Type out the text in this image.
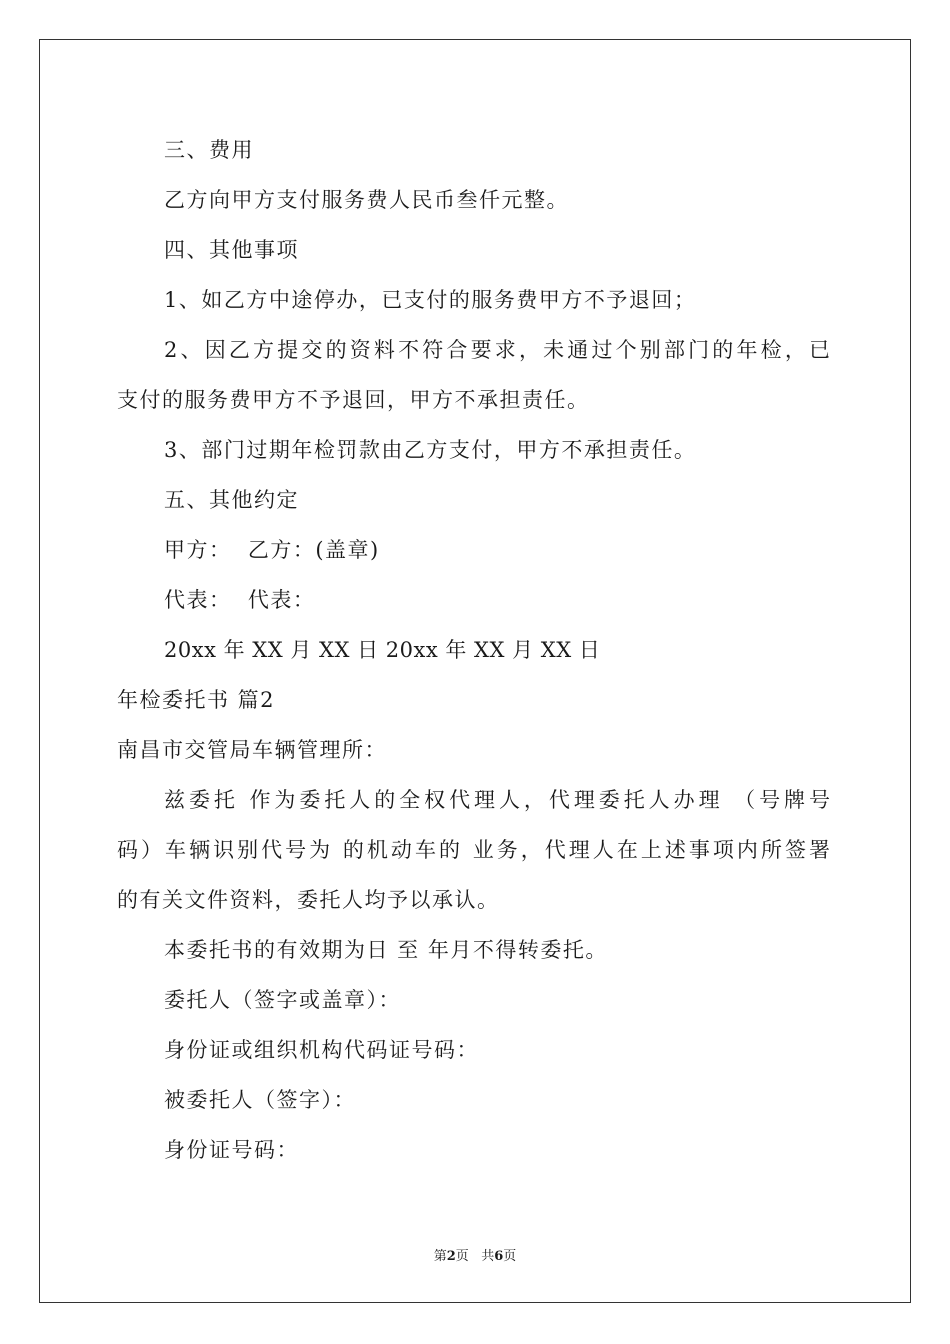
三、费用
乙方向甲方支付服务费人民币叁仟元整。
四、其他事项
1、如乙方中途停办，已支付的服务费甲方不予退回；
2、因乙方提交的资料不符合要求，未通过个别部门的年检，已
支付的服务费甲方不予退回，甲方不承担责任。
3、部门过期年检罚款由乙方支付，甲方不承担责任。
五、其他约定
甲方：  乙方：(盖章)
代表：  代表：
20xx 年 XX 月 XX 日 20xx 年 XX 月 XX 日
年检委托书 篇2
南昌市交管局车辆管理所：
兹委托 作为委托人的全权代理人，代理委托人办理 （号牌号
码）车辆识别代号为 的机动车的 业务，代理人在上述事项内所签署
的有关文件资料，委托人均予以承认。
本委托书的有效期为日 至 年月不得转委托。
委托人（签字或盖章）：
身份证或组织机构代码证号码：
被委托人（签字）：
身份证号码：
第2页   共6页
